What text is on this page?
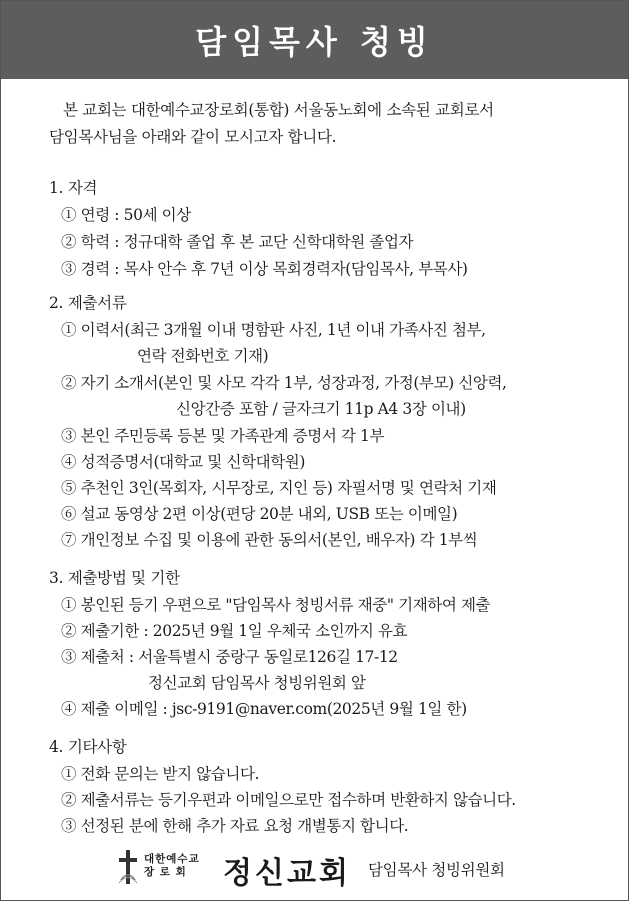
담임목사 청빙
본 교회는 대한예수교장로회(통합) 서울동노회에 소속된 교회로서
담임목사님을 아래와 같이 모시고자 합니다.
1. 자격
① 연령 : 50세 이상
② 학력 : 정규대학 졸업 후 본 교단 신학대학원 졸업자
③ 경력 : 목사 안수 후 7년 이상 목회경력자(담임목사, 부목사)
2. 제출서류
① 이력서(최근 3개월 이내 명함판 사진, 1년 이내 가족사진 첨부,
연락 전화번호 기재)
② 자기 소개서(본인 및 사모 각각 1부, 성장과정, 가정(부모) 신앙력,
신앙간증 포함 / 글자크기 11p A4 3장 이내)
③ 본인 주민등록 등본 및 가족관계 증명서 각 1부
④ 성적증명서(대학교 및 신학대학원)
⑤ 추천인 3인(목회자, 시무장로, 지인 등) 자필서명 및 연락처 기재
⑥ 설교 동영상 2편 이상(편당 20분 내외, USB 또는 이메일)
⑦ 개인정보 수집 및 이용에 관한 동의서(본인, 배우자) 각 1부씩
3. 제출방법 및 기한
① 봉인된 등기 우편으로 "담임목사 청빙서류 재중" 기재하여 제출
② 제출기한 : 2025년 9월 1일 우체국 소인까지 유효
③ 제출처 : 서울특별시 중랑구 동일로126길 17-12
정신교회 담임목사 청빙위원회 앞
④ 제출 이메일 : jsc-9191@naver.com(2025년 9월 1일 한)
4. 기타사항
① 전화 문의는 받지 않습니다.
② 제출서류는 등기우편과 이메일으로만 접수하며 반환하지 않습니다.
③ 선정된 분에 한해 추가 자료 요청 개별통지 합니다.
대한예수교
장 로 회	정신교회 담임목사 청빙위원회
